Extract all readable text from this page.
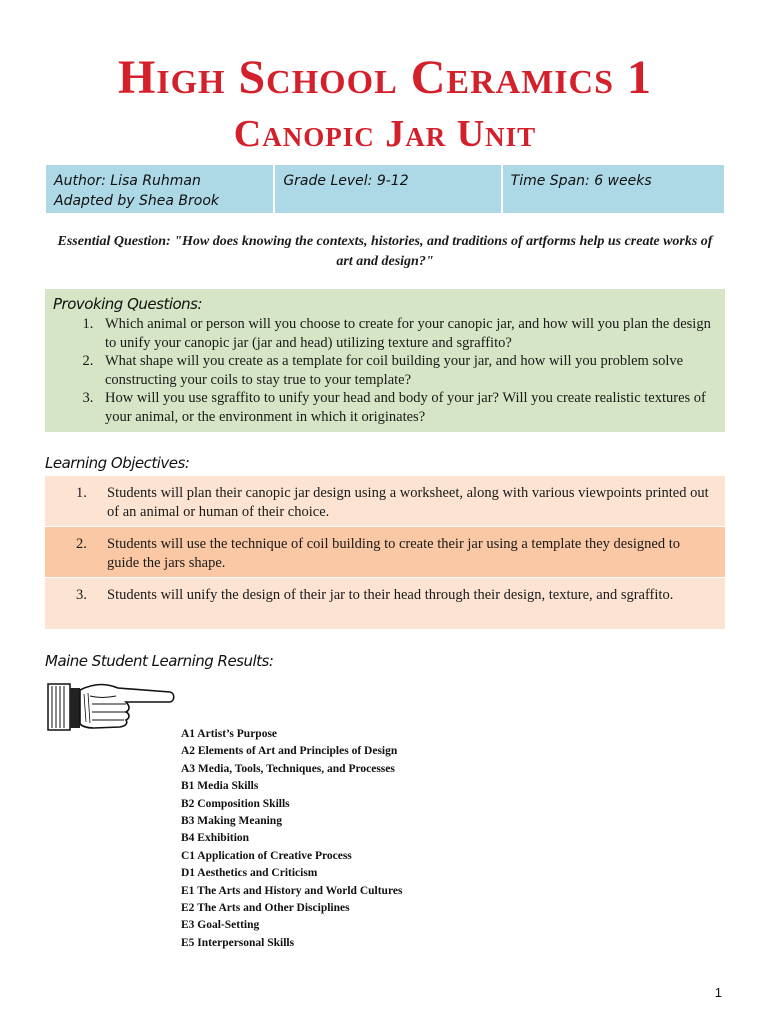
High School Ceramics 1
Canopic Jar Unit
Author: Lisa Ruhman
Adapted by Shea Brook
Grade Level: 9-12	Time Span: 6 weeks
Essential Question: "How does knowing the contexts, histories, and traditions of artforms help us create works of art and design?"

Provoking Questions:

1. Which animal or person will you choose to create for your canopic jar, and how will you plan the design to unify your canopic jar (jar and head) utilizing texture and sgraffito?
2. What shape will you create as a template for coil building your jar, and how will you problem solve constructing your coils to stay true to your template?
3. How will you use sgraffito to unify your head and body of your jar? Will you create realistic textures of your animal, or the environment in which it originates?

Learning Objectives:

1. Students will plan their canopic jar design using a worksheet, along with various viewpoints printed out of an animal or human of their choice.
2. Students will use the technique of coil building to create their jar using a template they designed to guide the jars shape.
3. Students will unify the design of their jar to their head through their design, texture, and sgraffito.

Maine Student Learning Results:

A1 Artist’s Purpose
A2 Elements of Art and Principles of Design
A3 Media, Tools, Techniques, and Processes
B1 Media Skills
B2 Composition Skills
B3 Making Meaning
B4 Exhibition
C1 Application of Creative Process
D1 Aesthetics and Criticism
E1 The Arts and History and World Cultures
E2 The Arts and Other Disciplines
E3 Goal-Setting
E5 Interpersonal Skills
1
